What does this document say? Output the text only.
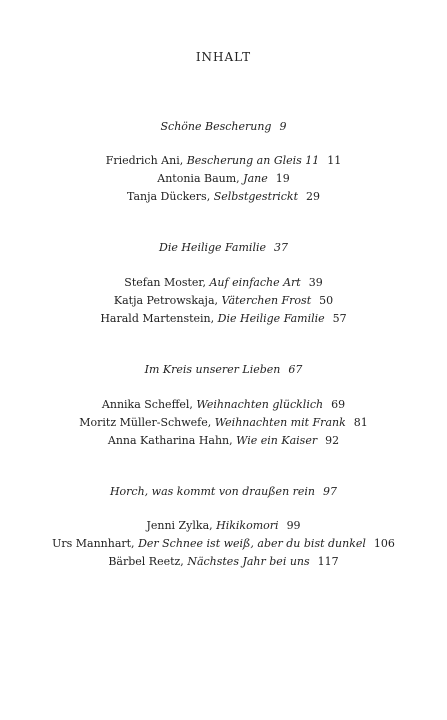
INHALT
Schöne Bescherung 9
Friedrich Ani, Bescherung an Gleis 11 11
Antonia Baum, Jane 19
Tanja Dückers, Selbstgestrickt 29
Die Heilige Familie 37
Stefan Moster, Auf einfache Art 39
Katja Petrowskaja, Väterchen Frost 50
Harald Martenstein, Die Heilige Familie 57
Im Kreis unserer Lieben 67
Annika Scheffel, Weihnachten glücklich 69
Moritz Müller-Schwefe, Weihnachten mit Frank 81
Anna Katharina Hahn, Wie ein Kaiser 92
Horch, was kommt von draußen rein 97
Jenni Zylka, Hikikomori 99
Urs Mannhart, Der Schnee ist weiß, aber du bist dunkel 106
Bärbel Reetz, Nächstes Jahr bei uns 117
